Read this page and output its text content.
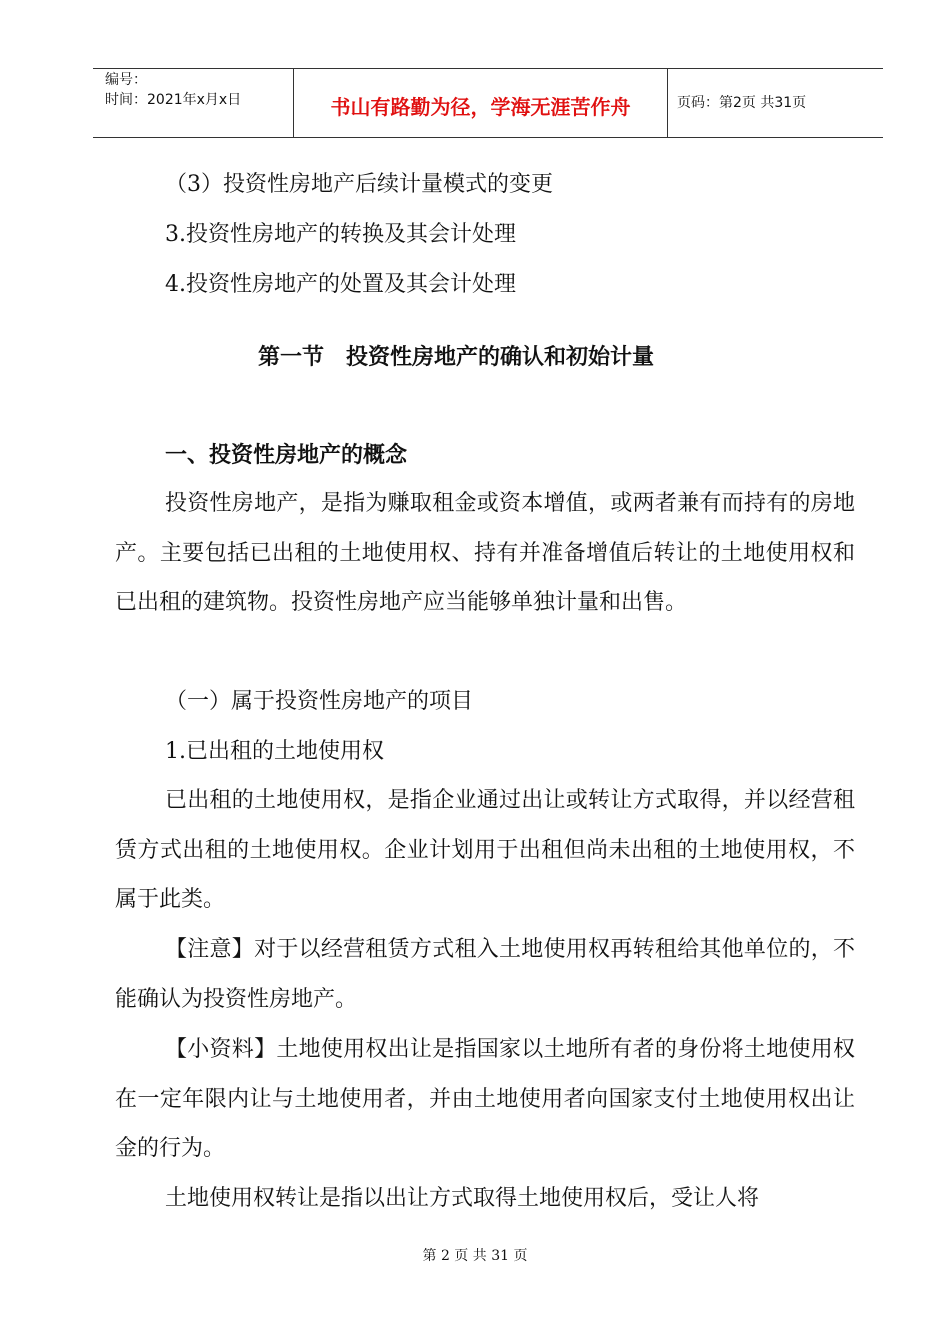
编号：
时间：2021年x月x日	书山有路勤为径，学海无涯苦作舟	页码：第2页 共31页
（3）投资性房地产后续计量模式的变更
3.投资性房地产的转换及其会计处理
4.投资性房地产的处置及其会计处理
第一节　投资性房地产的确认和初始计量
一、投资性房地产的概念

投资性房地产，是指为赚取租金或资本增值，或两者兼有而持有的房地产。主要包括已出租的土地使用权、持有并准备增值后转让的土地使用权和已出租的建筑物。投资性房地产应当能够单独计量和出售。

（一）属于投资性房地产的项目
1.已出租的土地使用权

已出租的土地使用权，是指企业通过出让或转让方式取得，并以经营租赁方式出租的土地使用权。企业计划用于出租但尚未出租的土地使用权，不属于此类。

【注意】对于以经营租赁方式租入土地使用权再转租给其他单位的，不能确认为投资性房地产。

【小资料】土地使用权出让是指国家以土地所有者的身份将土地使用权在一定年限内让与土地使用者，并由土地使用者向国家支付土地使用权出让金的行为。

土地使用权转让是指以出让方式取得土地使用权后，受让人将

第 2 页 共 31 页
